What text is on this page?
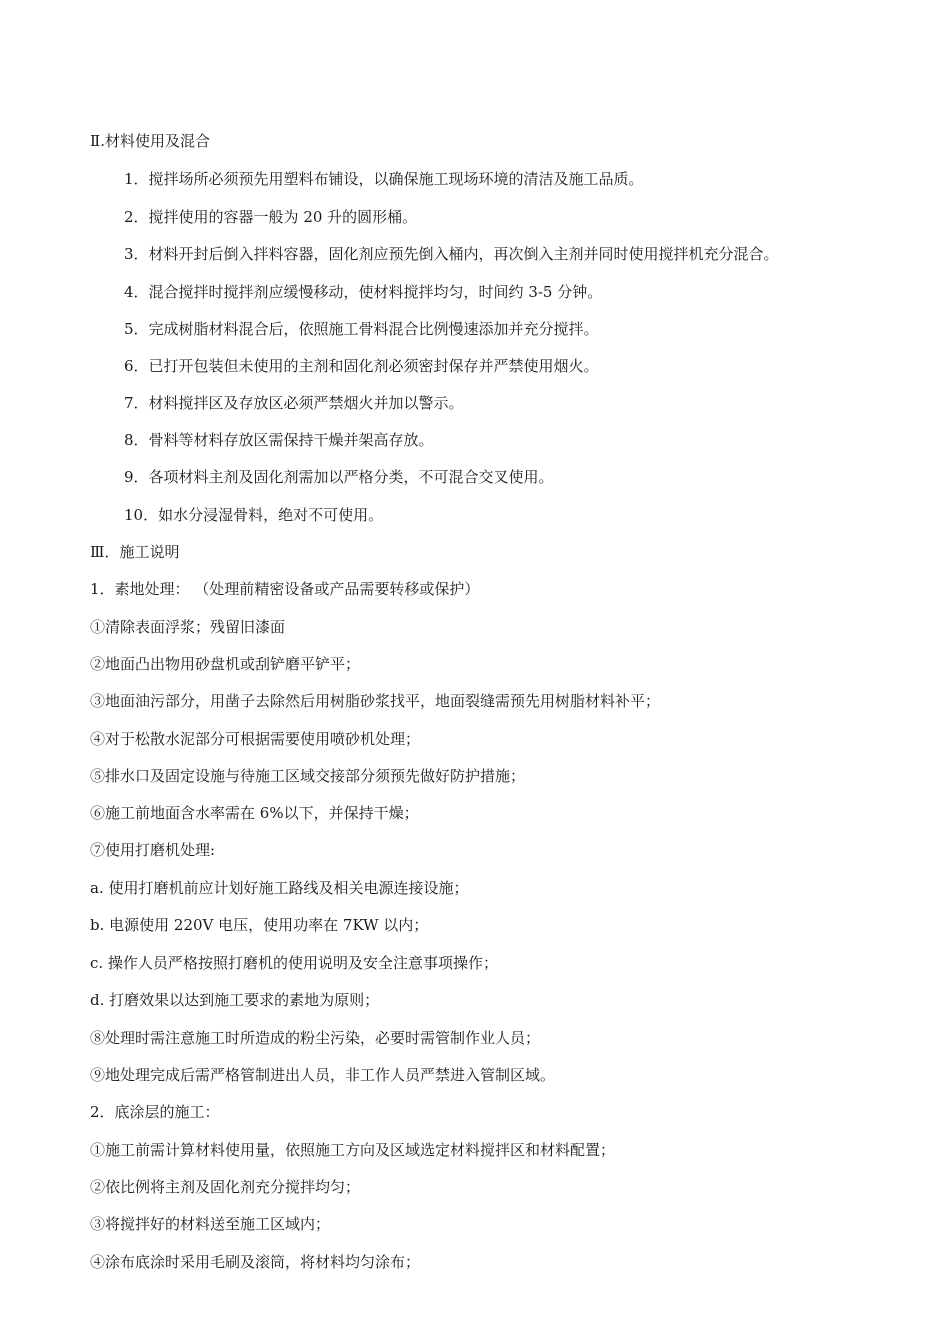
Ⅱ.材料使用及混合
1．搅拌场所必须预先用塑料布铺设，以确保施工现场环境的清洁及施工品质。
2．搅拌使用的容器一般为 20 升的圆形桶。
3．材料开封后倒入拌料容器，固化剂应预先倒入桶内，再次倒入主剂并同时使用搅拌机充分混合。
4．混合搅拌时搅拌剂应缓慢移动，使材料搅拌均匀，时间约 3-5 分钟。
5．完成树脂材料混合后，依照施工骨料混合比例慢速添加并充分搅拌。
6．已打开包装但未使用的主剂和固化剂必须密封保存并严禁使用烟火。
7．材料搅拌区及存放区必须严禁烟火并加以警示。
8．骨料等材料存放区需保持干燥并架高存放。
9．各项材料主剂及固化剂需加以严格分类，不可混合交叉使用。
10．如水分浸湿骨料，绝对不可使用。
Ⅲ．施工说明
1．素地处理： （处理前精密设备或产品需要转移或保护）
①清除表面浮浆；残留旧漆面
②地面凸出物用砂盘机或刮铲磨平铲平；
③地面油污部分，用凿子去除然后用树脂砂浆找平，地面裂缝需预先用树脂材料补平；
④对于松散水泥部分可根据需要使用喷砂机处理；
⑤排水口及固定设施与待施工区域交接部分须预先做好防护措施；
⑥施工前地面含水率需在 6%以下，并保持干燥；
⑦使用打磨机处理:
a. 使用打磨机前应计划好施工路线及相关电源连接设施；
b. 电源使用 220V 电压，使用功率在 7KW 以内；
c. 操作人员严格按照打磨机的使用说明及安全注意事项操作；
d. 打磨效果以达到施工要求的素地为原则；
⑧处理时需注意施工时所造成的粉尘污染，必要时需管制作业人员；
⑨地处理完成后需严格管制进出人员，非工作人员严禁进入管制区域。
2．底涂层的施工：
①施工前需计算材料使用量，依照施工方向及区域选定材料搅拌区和材料配置；
②依比例将主剂及固化剂充分搅拌均匀；
③将搅拌好的材料送至施工区域内；
④涂布底涂时采用毛刷及滚筒，将材料均匀涂布；
